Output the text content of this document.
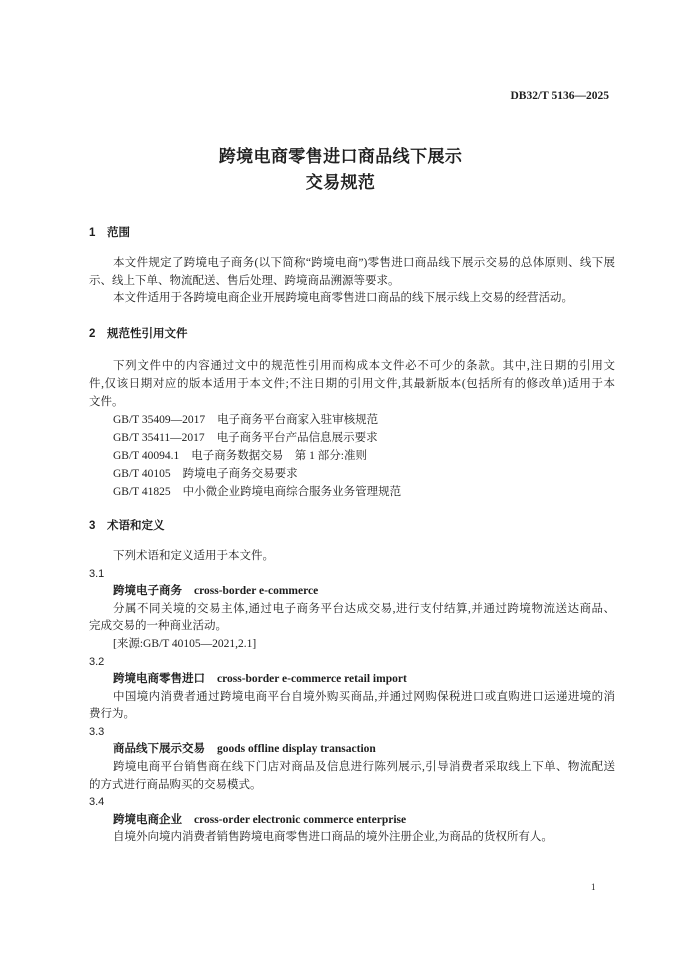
DB32/T 5136—2025
跨境电商零售进口商品线下展示
交易规范
1 范围
本文件规定了跨境电子商务(以下简称“跨境电商”)零售进口商品线下展示交易的总体原则、线下展
示、线上下单、物流配送、售后处理、跨境商品溯源等要求。
本文件适用于各跨境电商企业开展跨境电商零售进口商品的线下展示线上交易的经营活动。
2 规范性引用文件
下列文件中的内容通过文中的规范性引用而构成本文件必不可少的条款。其中,注日期的引用文
件,仅该日期对应的版本适用于本文件;不注日期的引用文件,其最新版本(包括所有的修改单)适用于本
文件。
GB/T 35409—2017 电子商务平台商家入驻审核规范
GB/T 35411—2017 电子商务平台产品信息展示要求
GB/T 40094.1 电子商务数据交易　第 1 部分:准则
GB/T 40105 跨境电子商务交易要求
GB/T 41825 中小微企业跨境电商综合服务业务管理规范
3 术语和定义
下列术语和定义适用于本文件。
3.1
跨境电子商务 cross-border e-commerce
分属不同关境的交易主体,通过电子商务平台达成交易,进行支付结算,并通过跨境物流送达商品、
完成交易的一种商业活动。
[来源:GB/T 40105—2021,2.1]
3.2
跨境电商零售进口 cross-border e-commerce retail import
中国境内消费者通过跨境电商平台自境外购买商品,并通过网购保税进口或直购进口运递进境的消
费行为。
3.3
商品线下展示交易 goods offline display transaction
跨境电商平台销售商在线下门店对商品及信息进行陈列展示,引导消费者采取线上下单、物流配送
的方式进行商品购买的交易模式。
3.4
跨境电商企业 cross-order electronic commerce enterprise
自境外向境内消费者销售跨境电商零售进口商品的境外注册企业,为商品的货权所有人。
1
